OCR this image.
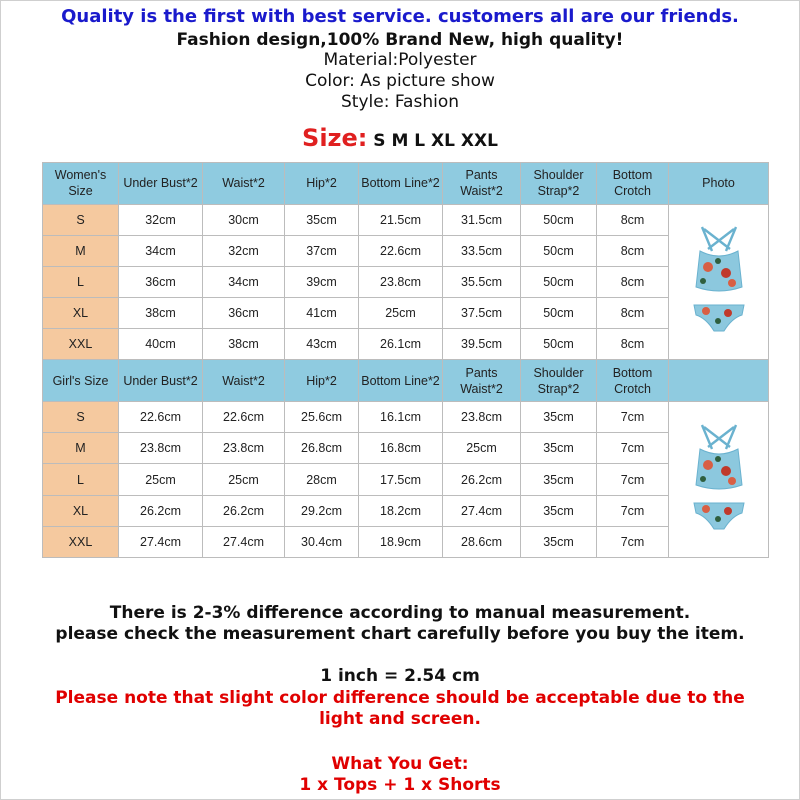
Quality is the first with best service. customers all are our friends.
Fashion design,100% Brand New, high quality!
Material:Polyester
Color: As picture show
Style: Fashion
Size: S M L XL XXL
Women's Size	Under Bust*2	Waist*2	Hip*2	Bottom Line*2	Pants Waist*2	Shoulder Strap*2	Bottom Crotch	Photo
S	32cm	30cm	35cm	21.5cm	31.5cm	50cm	8cm	
M	34cm	32cm	37cm	22.6cm	33.5cm	50cm	8cm	
L	36cm	34cm	39cm	23.8cm	35.5cm	50cm	8cm	
XL	38cm	36cm	41cm	25cm	37.5cm	50cm	8cm	
XXL	40cm	38cm	43cm	26.1cm	39.5cm	50cm	8cm	
Girl's Size	Under Bust*2	Waist*2	Hip*2	Bottom Line*2	Pants Waist*2	Shoulder Strap*2	Bottom Crotch	
S	22.6cm	22.6cm	25.6cm	16.1cm	23.8cm	35cm	7cm	
M	23.8cm	23.8cm	26.8cm	16.8cm	25cm	35cm	7cm	
L	25cm	25cm	28cm	17.5cm	26.2cm	35cm	7cm	
XL	26.2cm	26.2cm	29.2cm	18.2cm	27.4cm	35cm	7cm	
XXL	27.4cm	27.4cm	30.4cm	18.9cm	28.6cm	35cm	7cm	
There is 2-3% difference according to manual measurement.
please check the measurement chart carefully before you buy the item.
1 inch = 2.54 cm
Please note that slight color difference should be acceptable due to the light and screen.
What You Get:
1 x Tops + 1 x Shorts
